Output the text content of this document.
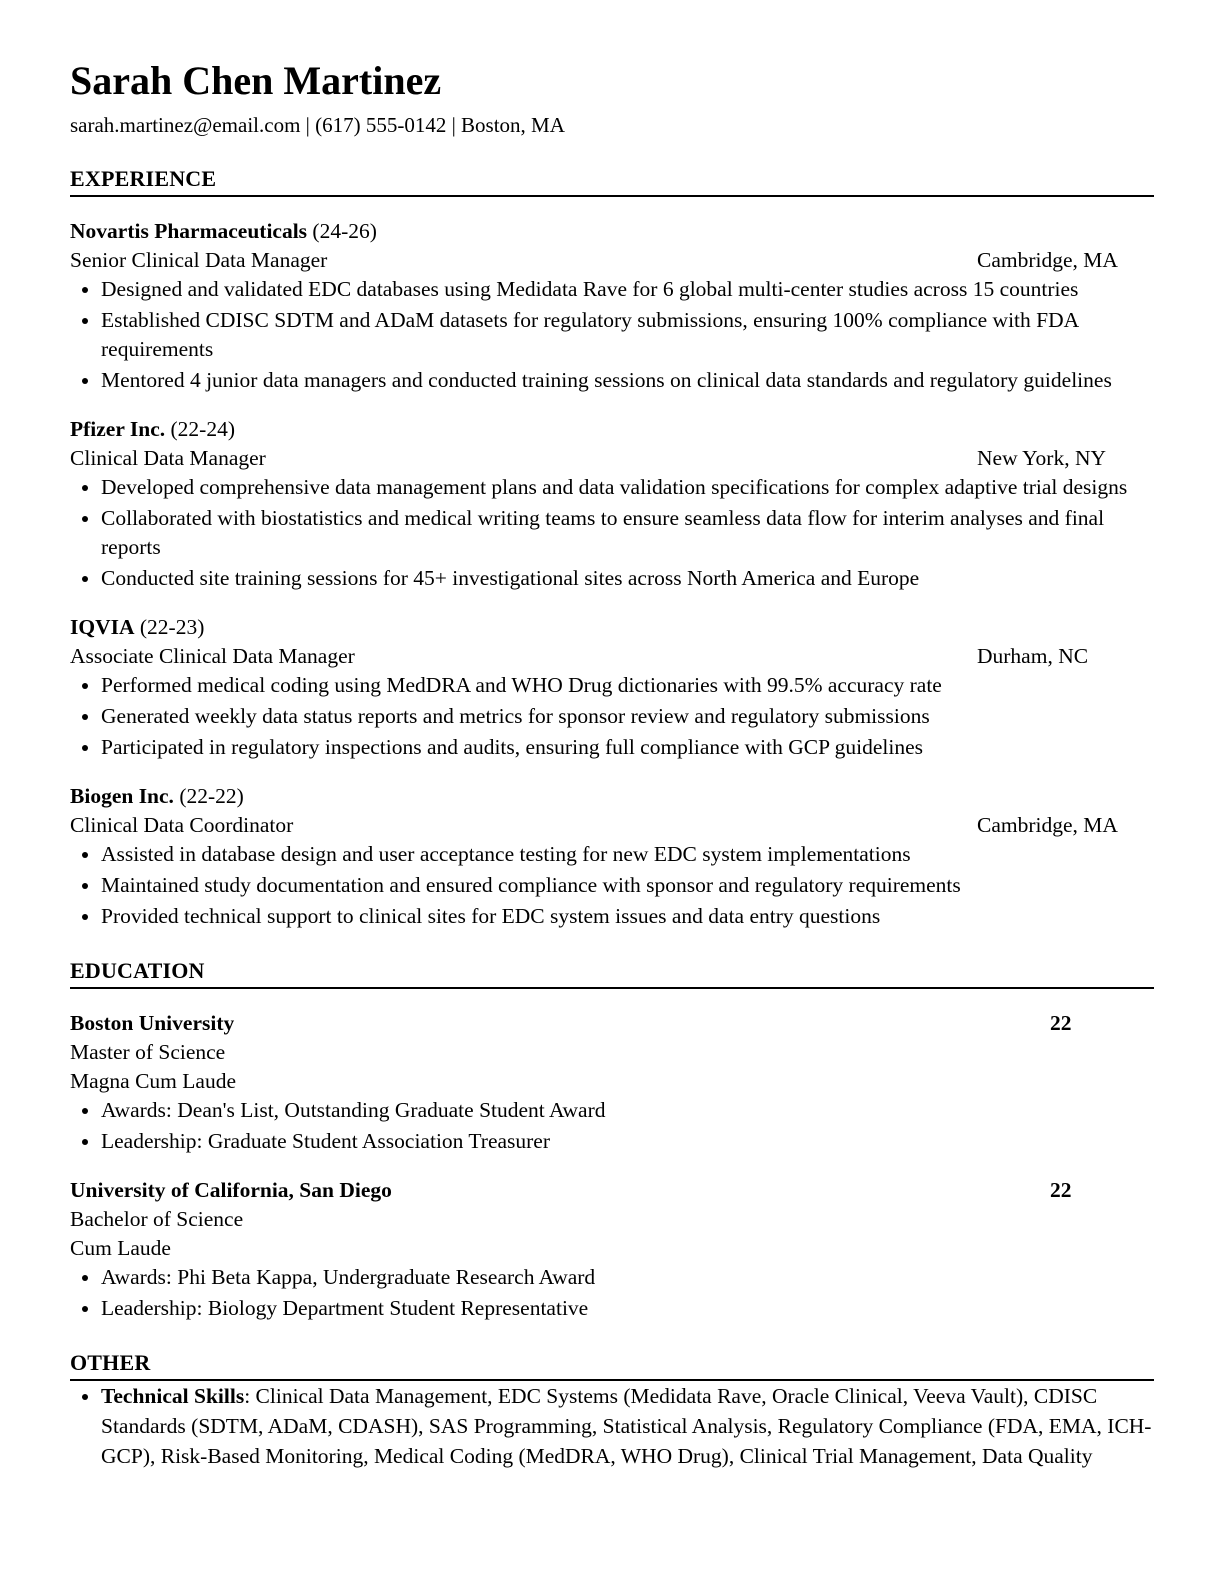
Sarah Chen Martinez
sarah.martinez@email.com | (617) 555-0142 | Boston, MA
EXPERIENCE
Novartis Pharmaceuticals (24-26)
Senior Clinical Data Manager	Cambridge, MA
• Designed and validated EDC databases using Medidata Rave for 6 global multi-center studies across 15 countries
• Established CDISC SDTM and ADaM datasets for regulatory submissions, ensuring 100% compliance with FDA requirements
• Mentored 4 junior data managers and conducted training sessions on clinical data standards and regulatory guidelines
Pfizer Inc. (22-24)
Clinical Data Manager	New York, NY
• Developed comprehensive data management plans and data validation specifications for complex adaptive trial designs
• Collaborated with biostatistics and medical writing teams to ensure seamless data flow for interim analyses and final reports
• Conducted site training sessions for 45+ investigational sites across North America and Europe
IQVIA (22-23)
Associate Clinical Data Manager	Durham, NC
• Performed medical coding using MedDRA and WHO Drug dictionaries with 99.5% accuracy rate
• Generated weekly data status reports and metrics for sponsor review and regulatory submissions
• Participated in regulatory inspections and audits, ensuring full compliance with GCP guidelines
Biogen Inc. (22-22)
Clinical Data Coordinator	Cambridge, MA
• Assisted in database design and user acceptance testing for new EDC system implementations
• Maintained study documentation and ensured compliance with sponsor and regulatory requirements
• Provided technical support to clinical sites for EDC system issues and data entry questions
EDUCATION
Boston University	22
Master of Science
Magna Cum Laude
• Awards: Dean's List, Outstanding Graduate Student Award
• Leadership: Graduate Student Association Treasurer
University of California, San Diego	22
Bachelor of Science
Cum Laude
• Awards: Phi Beta Kappa, Undergraduate Research Award
• Leadership: Biology Department Student Representative
OTHER
• Technical Skills: Clinical Data Management, EDC Systems (Medidata Rave, Oracle Clinical, Veeva Vault), CDISC Standards (SDTM, ADaM, CDASH), SAS Programming, Statistical Analysis, Regulatory Compliance (FDA, EMA, ICH-GCP), Risk-Based Monitoring, Medical Coding (MedDRA, WHO Drug), Clinical Trial Management, Data Quality
